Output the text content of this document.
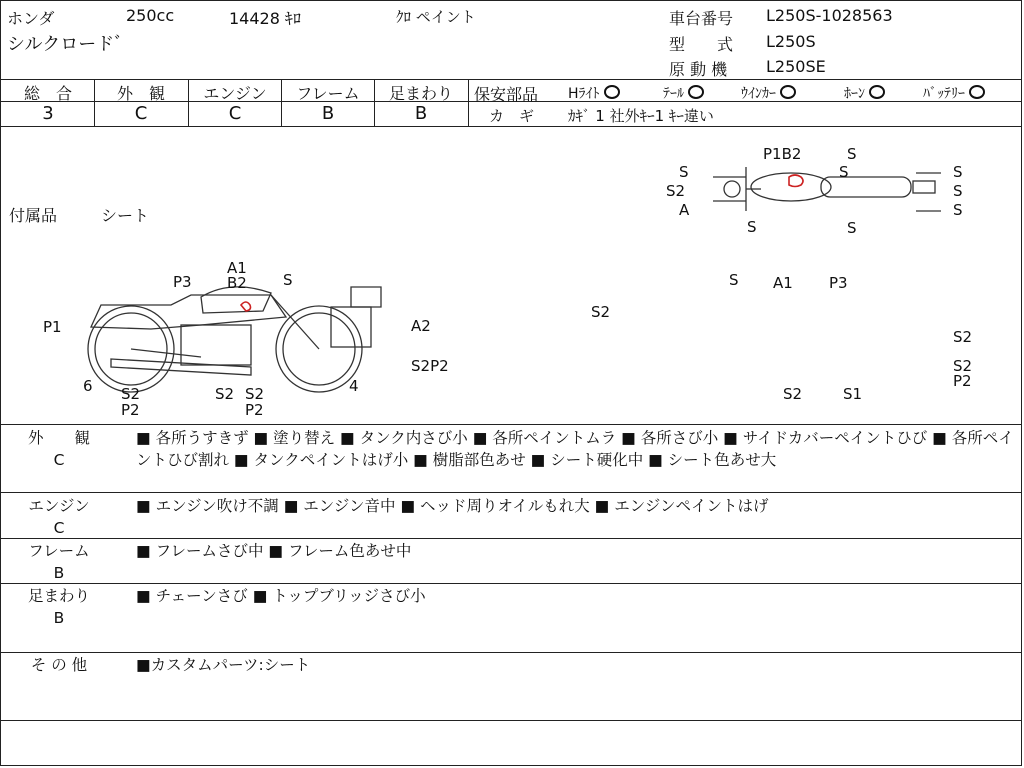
ホンダ	250cc	14428 ｷﾛ	ｸﾛ ペイント
シルクロードﾞ
車台番号 L250S-1028563
型　　式 L250S
原 動 機 L250SE
総　合	外　観	エンジン	フレーム	足まわり
3	C	C	B	B
保安部品 Hﾗｲﾄ	ﾃｰﾙ	ｳｲﾝｶｰ	ﾎｰﾝ	ﾊﾞｯﾃﾘｰ
カ　ギ ｶｷﾞ 1 社外ｷｰ1 ｷｰ違い
付属品	シート
S
S2
A
S
P1B2	S
S
S
S
S
S
A1
B2 S
P3
P1	A2
S2P2
6 S2
P2
S2 S2
P2
4
S A1 P3
S2
S2
S2
P2
S2	S1
外　　観
C
■ 各所うすきず ■ 塗り替え ■ タンク内さび小 ■ 各所ペイントムラ ■ 各所さび小 ■ サイドカバーペイントひび ■ 各所ペイントひび割れ ■ タンクペイントはげ小 ■ 樹脂部色あせ ■ シート硬化中 ■ シート色あせ大
エンジン
C
■ エンジン吹け不調 ■ エンジン音中 ■ ヘッド周りオイルもれ大 ■ エンジンペイントはげ
フレーム
B
■ フレームさび中 ■ フレーム色あせ中
足まわり
B
■ チェーンさび ■ トップブリッジさび小
そ の 他	■カスタムパーツ:シート
